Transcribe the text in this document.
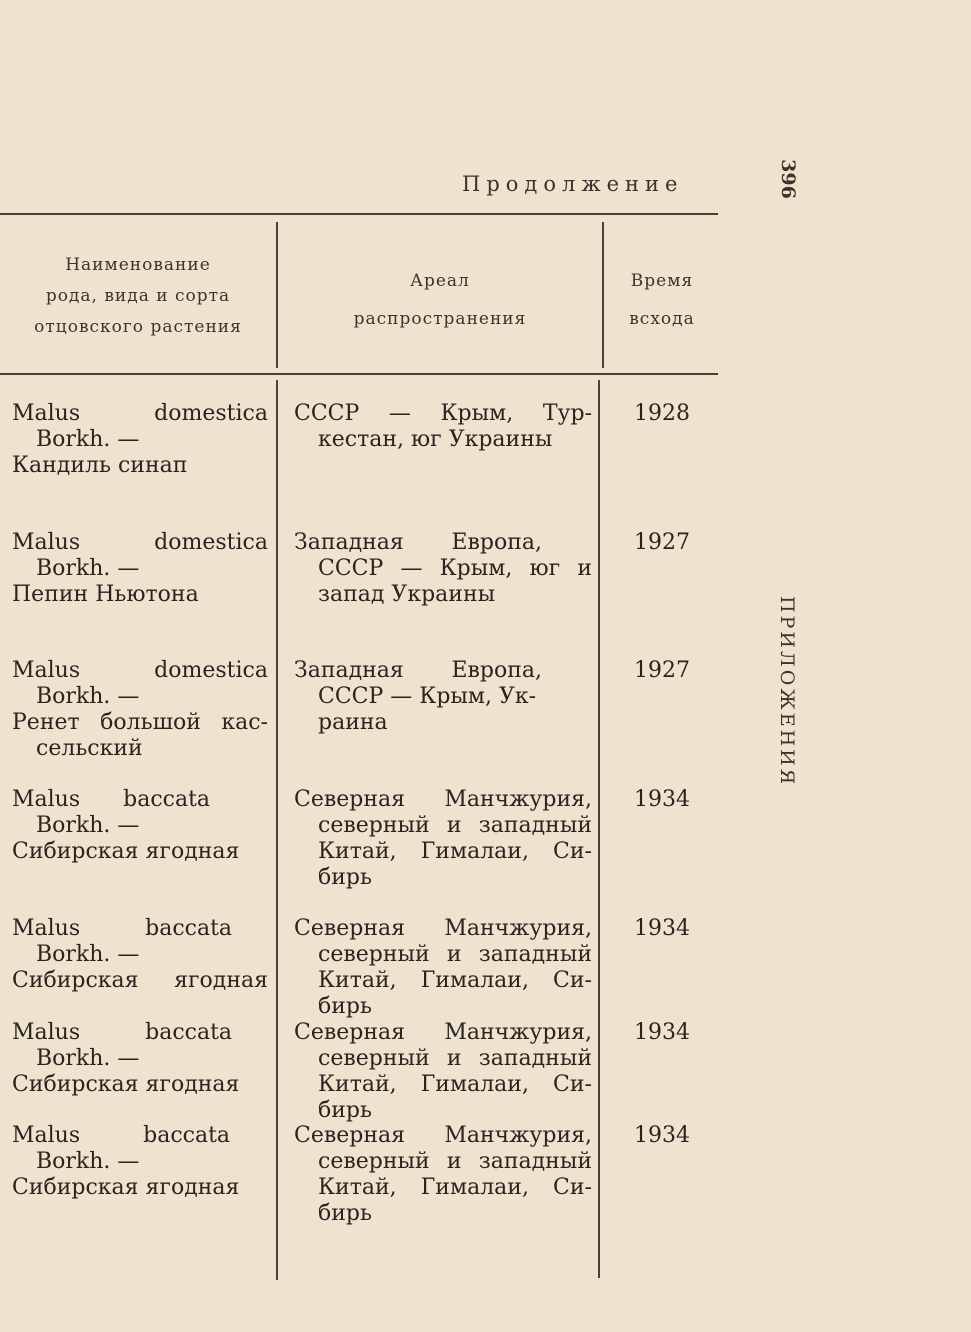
Продолжение	396
ПРИЛОЖЕНИЯ
Наименование
рода, вида и сорта
отцовского растения
Ареал
распространения
Время
всхода
Malus domestica
Borkh. —
Кандиль синап
СССР — Крым, Тур-
кестан, юг Украины
1928
Malus domestica
Borkh. —
Пепин Ньютона
Западная Европа,
СССР — Крым, юг и
запад Украины
1927
Malus domestica
Borkh. —
Ренет большой кас-
сельский
Западная Европа,
СССР — Крым, Ук-
раина
1927
Malus baccata
Borkh. —
Сибирская ягодная
Северная Манчжурия,
северный и западный
Китай, Гималаи, Си-
бирь
1934
Malus baccata
Borkh. —
Сибирская ягодная
Северная Манчжурия,
северный и западный
Китай, Гималаи, Си-
бирь
1934
Malus baccata
Borkh. —
Сибирская ягодная
Северная Манчжурия,
северный и западный
Китай, Гималаи, Си-
бирь
1934
Malus baccata
Borkh. —
Сибирская ягодная
Северная Манчжурия,
северный и западный
Китай, Гималаи, Си-
бирь
1934
